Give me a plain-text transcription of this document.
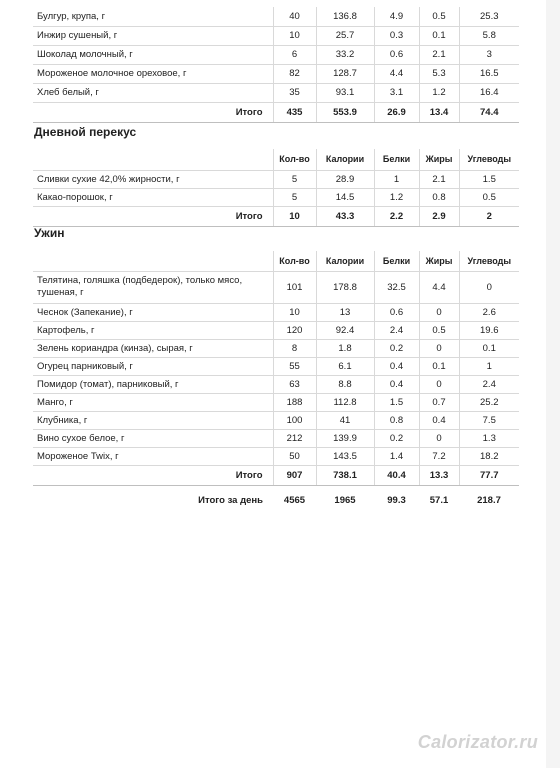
Булгур, крупа, г	40	136.8	4.9	0.5	25.3
Инжир сушеный, г	10	25.7	0.3	0.1	5.8
Шоколад молочный, г	6	33.2	0.6	2.1	3
Мороженое молочное ореховое, г	82	128.7	4.4	5.3	16.5
Хлеб белый, г	35	93.1	3.1	1.2	16.4
Итого	435	553.9	26.9	13.4	74.4
Дневной перекус
	Кол-во	Калории	Белки	Жиры	Углеводы
Сливки сухие 42,0% жирности, г	5	28.9	1	2.1	1.5
Какао-порошок, г	5	14.5	1.2	0.8	0.5
Итого	10	43.3	2.2	2.9	2
Ужин
	Кол-во	Калории	Белки	Жиры	Углеводы
Телятина, голяшка (подбедерок), только мясо, тушеная, г	101	178.8	32.5	4.4	0
Чеснок (Запекание), г	10	13	0.6	0	2.6
Картофель, г	120	92.4	2.4	0.5	19.6
Зелень кориандра (кинза), сырая, г	8	1.8	0.2	0	0.1
Огурец парниковый, г	55	6.1	0.4	0.1	1
Помидор (томат), парниковый, г	63	8.8	0.4	0	2.4
Манго, г	188	112.8	1.5	0.7	25.2
Клубника, г	100	41	0.8	0.4	7.5
Вино сухое белое, г	212	139.9	0.2	0	1.3
Мороженое Twix, г	50	143.5	1.4	7.2	18.2
Итого	907	738.1	40.4	13.3	77.7
Итого за день	4565	1965	99.3	57.1	218.7
Calorizator.ru
